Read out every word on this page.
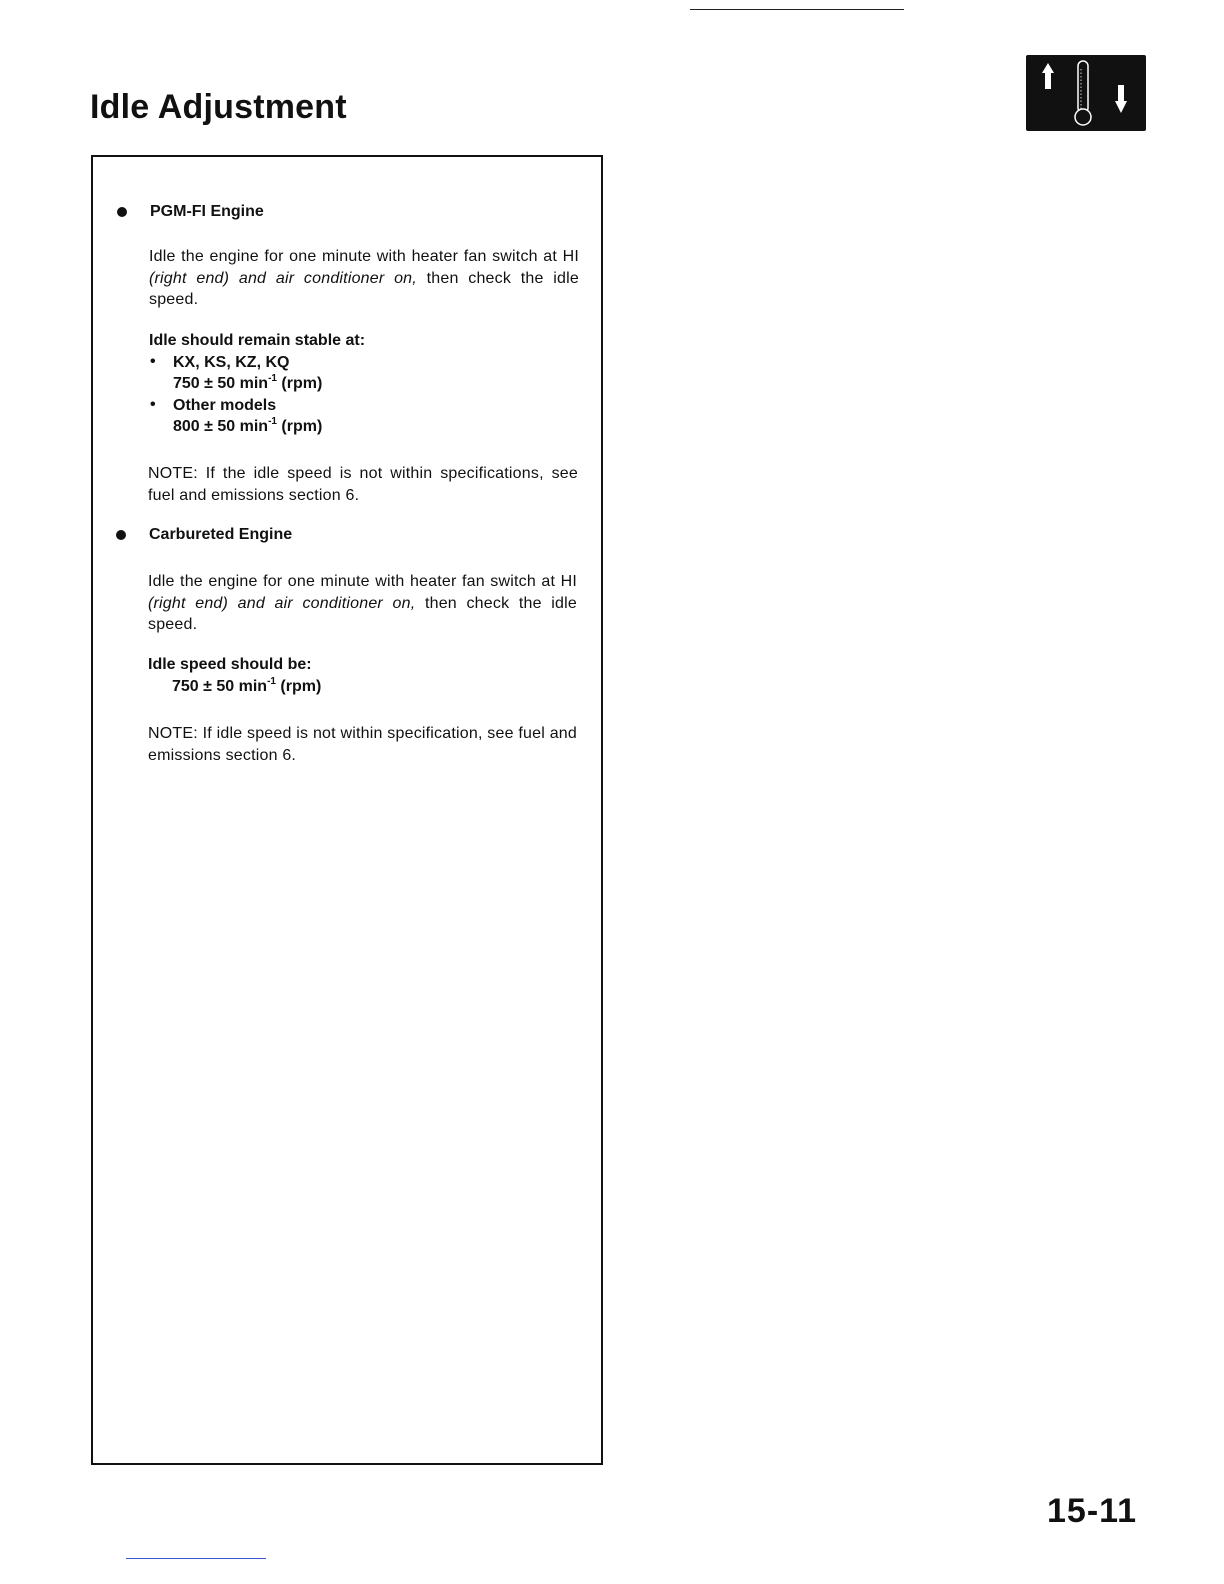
Idle Adjustment

PGM-FI Engine

Idle the engine for one minute with heater fan switch at HI (right end) and air conditioner on, then check the idle speed.

Idle should remain stable at:

• KX, KS, KZ, KQ

750 ± 50 $\min^{-1} (rpm)$

• Other models

800 ± 50 $\min^{-1} (rpm)$

NOTE: If the idle speed is not within specifications, see fuel and emissions section 6.

Carbureted Engine

Idle the engine for one minute with heater fan switch at HI (right end) and air conditioner on, then check the idle speed.

Idle speed should be:

750 ± 50 $\min^{-1} (rpm)$

NOTE: If idle speed is not within specification, see fuel and emissions section 6.

15-11
